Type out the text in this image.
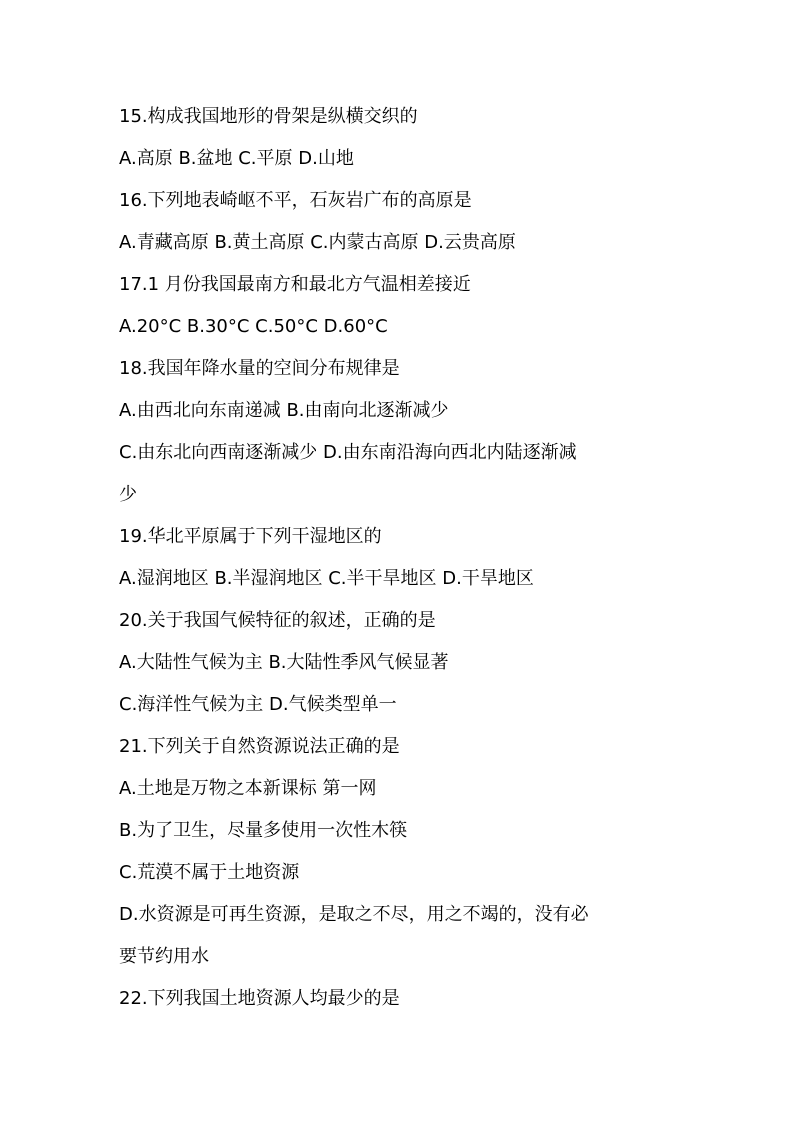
15.构成我国地形的骨架是纵横交织的
A.高原 B.盆地 C.平原 D.山地
16.下列地表崎岖不平，石灰岩广布的高原是
A.青藏高原 B.黄土高原 C.内蒙古高原 D.云贵高原
17.1 月份我国最南方和最北方气温相差接近
A.20°C B.30°C C.50°C D.60°C
18.我国年降水量的空间分布规律是
A.由西北向东南递减 B.由南向北逐渐减少
C.由东北向西南逐渐减少 D.由东南沿海向西北内陆逐渐减
少
19.华北平原属于下列干湿地区的
A.湿润地区 B.半湿润地区 C.半干旱地区 D.干旱地区
20.关于我国气候特征的叙述，正确的是
A.大陆性气候为主 B.大陆性季风气候显著
C.海洋性气候为主 D.气候类型单一
21.下列关于自然资源说法正确的是
A.土地是万物之本新课标 第一网
B.为了卫生，尽量多使用一次性木筷
C.荒漠不属于土地资源
D.水资源是可再生资源，是取之不尽，用之不竭的，没有必
要节约用水
22.下列我国土地资源人均最少的是
